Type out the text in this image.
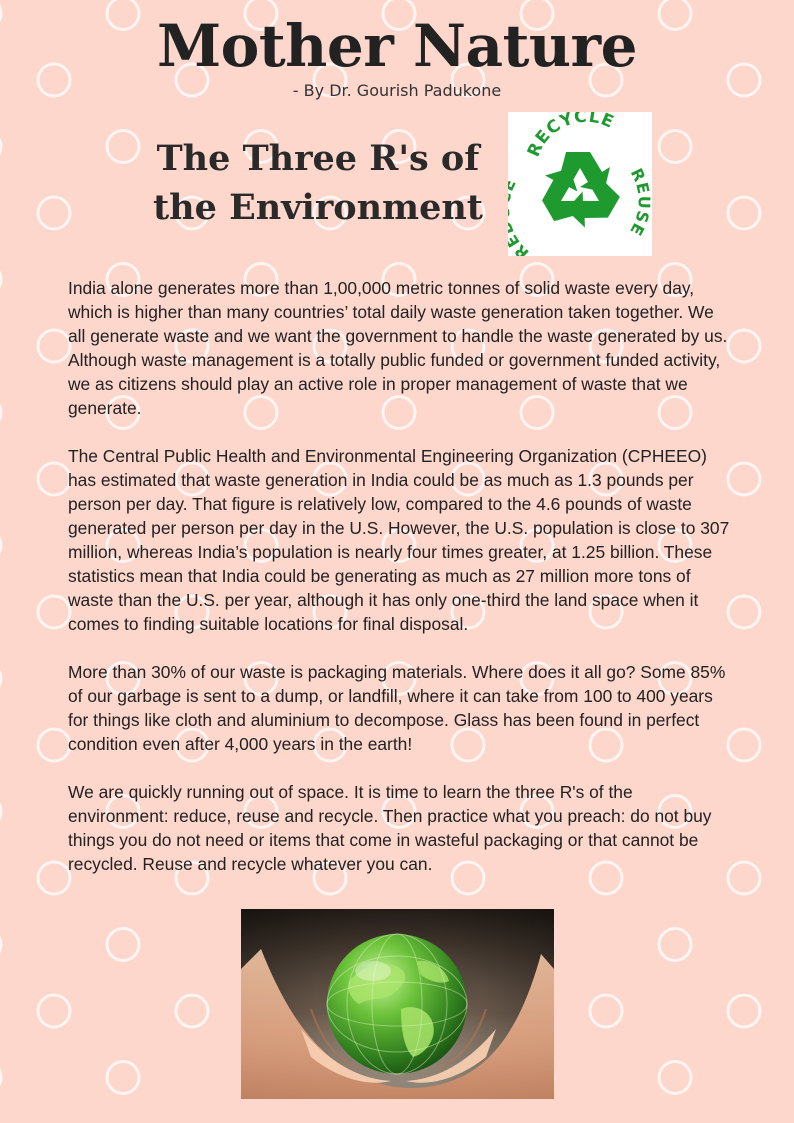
Mother Nature
- By Dr. Gourish Padukone
The Three R's of
the Environment
RECYCLE
REUSE
R

India alone generates more than 1,00,000 metric tonnes of solid waste every day, which is higher than many countries’ total daily waste generation taken together. We all generate waste and we want the government to handle the waste generated by us. Although waste management is a totally public funded or government funded activity, we as citizens should play an active role in proper management of waste that we generate.

The Central Public Health and Environmental Engineering Organization (CPHEEO) has estimated that waste generation in India could be as much as 1.3 pounds per person per day. That figure is relatively low, compared to the 4.6 pounds of waste generated per person per day in the U.S. However, the U.S. population is close to 307 million, whereas India’s population is nearly four times greater, at 1.25 billion. These statistics mean that India could be generating as much as 27 million more tons of waste than the U.S. per year, although it has only one-third the land space when it comes to finding suitable locations for final disposal.

More than 30% of our waste is packaging materials. Where does it all go? Some 85% of our garbage is sent to a dump, or landfill, where it can take from 100 to 400 years for things like cloth and aluminium to decompose. Glass has been found in perfect condition even after 4,000 years in the earth!

We are quickly running out of space. It is time to learn the three R's of the environment: reduce, reuse and recycle. Then practice what you preach: do not buy things you do not need or items that come in wasteful packaging or that cannot be recycled. Reuse and recycle whatever you can.
